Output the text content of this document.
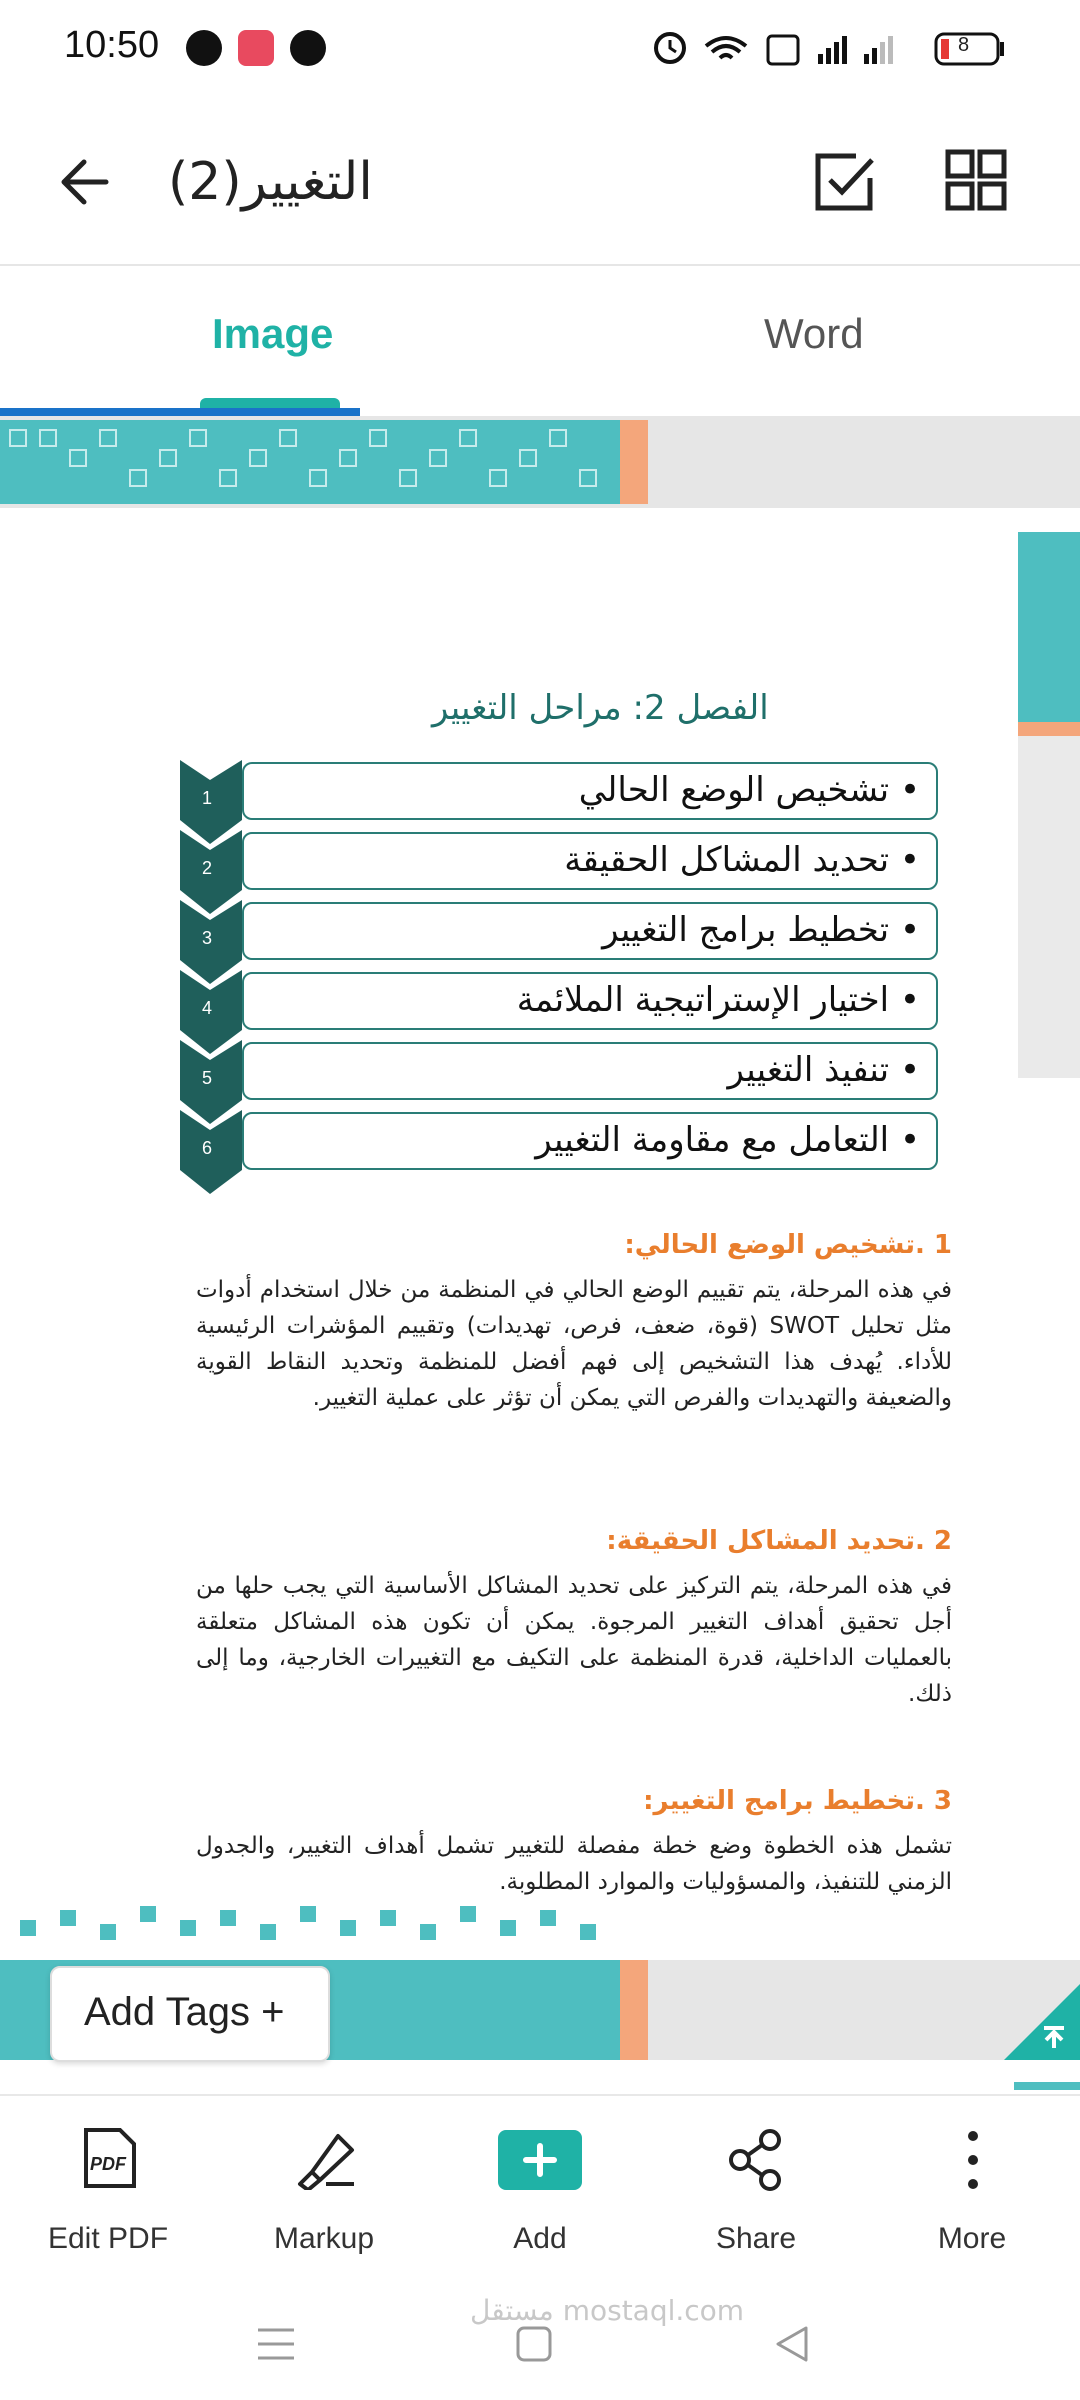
10:50	8
التغيير(2)
Image	Word
الفصل 2: مراحل التغيير
1	• تشخيص الوضع الحالي
2	• تحديد المشاكل الحقيقة
3	• تخطيط برامج التغيير
4	• اختيار الإستراتيجية الملائمة
5	• تنفيذ التغيير
6	• التعامل مع مقاومة التغيير
1 .تشخيص الوضع الحالي:

في هذه المرحلة، يتم تقييم الوضع الحالي في المنظمة من خلال استخدام أدوات مثل تحليل SWOT (قوة، ضعف، فرص، تهديدات) وتقييم المؤشرات الرئيسية للأداء. يُهدف هذا التشخيص إلى فهم أفضل للمنظمة وتحديد النقاط القوية والضعيفة والتهديدات والفرص التي يمكن أن تؤثر على عملية التغيير.

2 .تحديد المشاكل الحقيقة:

في هذه المرحلة، يتم التركيز على تحديد المشاكل الأساسية التي يجب حلها من أجل تحقيق أهداف التغيير المرجوة. يمكن أن تكون هذه المشاكل متعلقة بالعمليات الداخلية، قدرة المنظمة على التكيف مع التغييرات الخارجية، وما إلى ذلك.

3 .تخطيط برامج التغيير:

تشمل هذه الخطوة وضع خطة مفصلة للتغيير تشمل أهداف التغيير، والجدول الزمني للتنفيذ، والمسؤوليات والموارد المطلوبة.

Add Tags +
PDF
Edit PDF	Markup	Add	Share	More
مستقل mostaql.com
